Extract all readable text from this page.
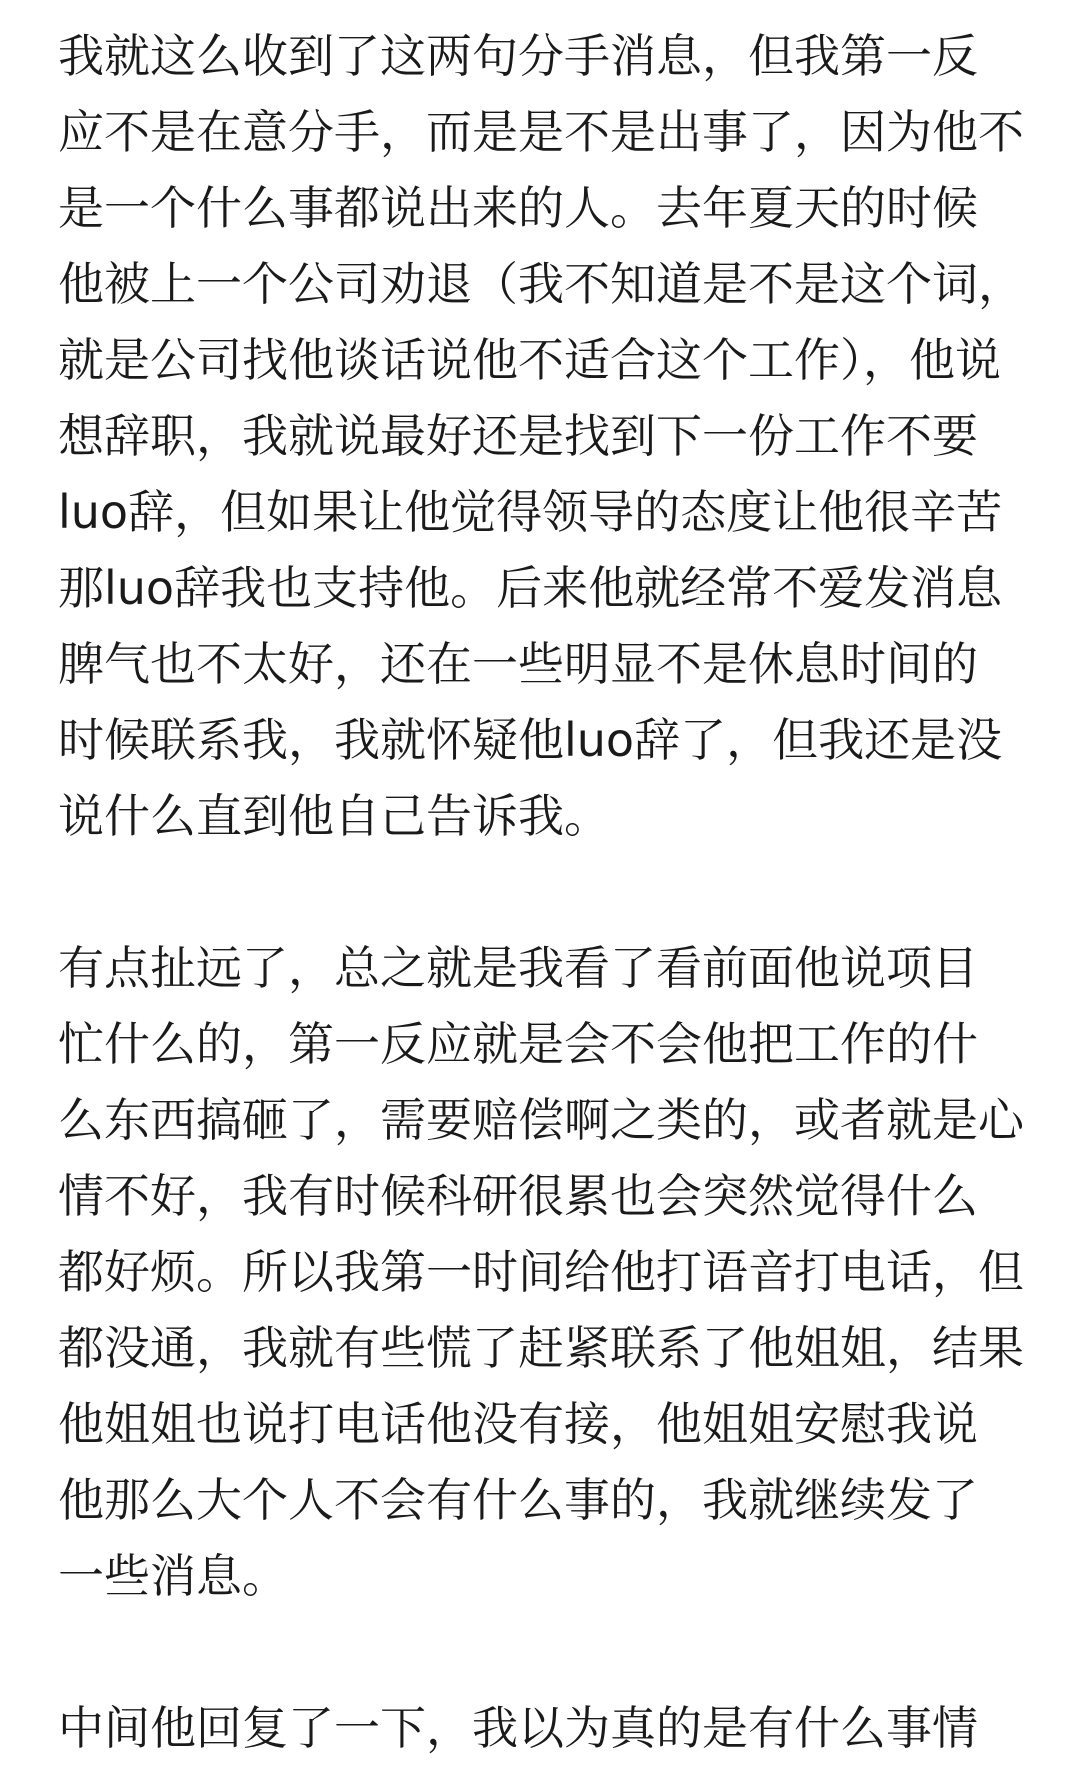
我就这么收到了这两句分手消息，但我第一反
应不是在意分手，而是是不是出事了，因为他不
是一个什么事都说出来的人。去年夏天的时候
他被上一个公司劝退（我不知道是不是这个词，
就是公司找他谈话说他不适合这个工作），他说
想辞职，我就说最好还是找到下一份工作不要
luo辞，但如果让他觉得领导的态度让他很辛苦
那luo辞我也支持他。后来他就经常不爱发消息
脾气也不太好，还在一些明显不是休息时间的
时候联系我，我就怀疑他luo辞了，但我还是没
说什么直到他自己告诉我。
有点扯远了，总之就是我看了看前面他说项目
忙什么的，第一反应就是会不会他把工作的什
么东西搞砸了，需要赔偿啊之类的，或者就是心
情不好，我有时候科研很累也会突然觉得什么
都好烦。所以我第一时间给他打语音打电话，但
都没通，我就有些慌了赶紧联系了他姐姐，结果
他姐姐也说打电话他没有接，他姐姐安慰我说
他那么大个人不会有什么事的，我就继续发了
一些消息。
中间他回复了一下，我以为真的是有什么事情
